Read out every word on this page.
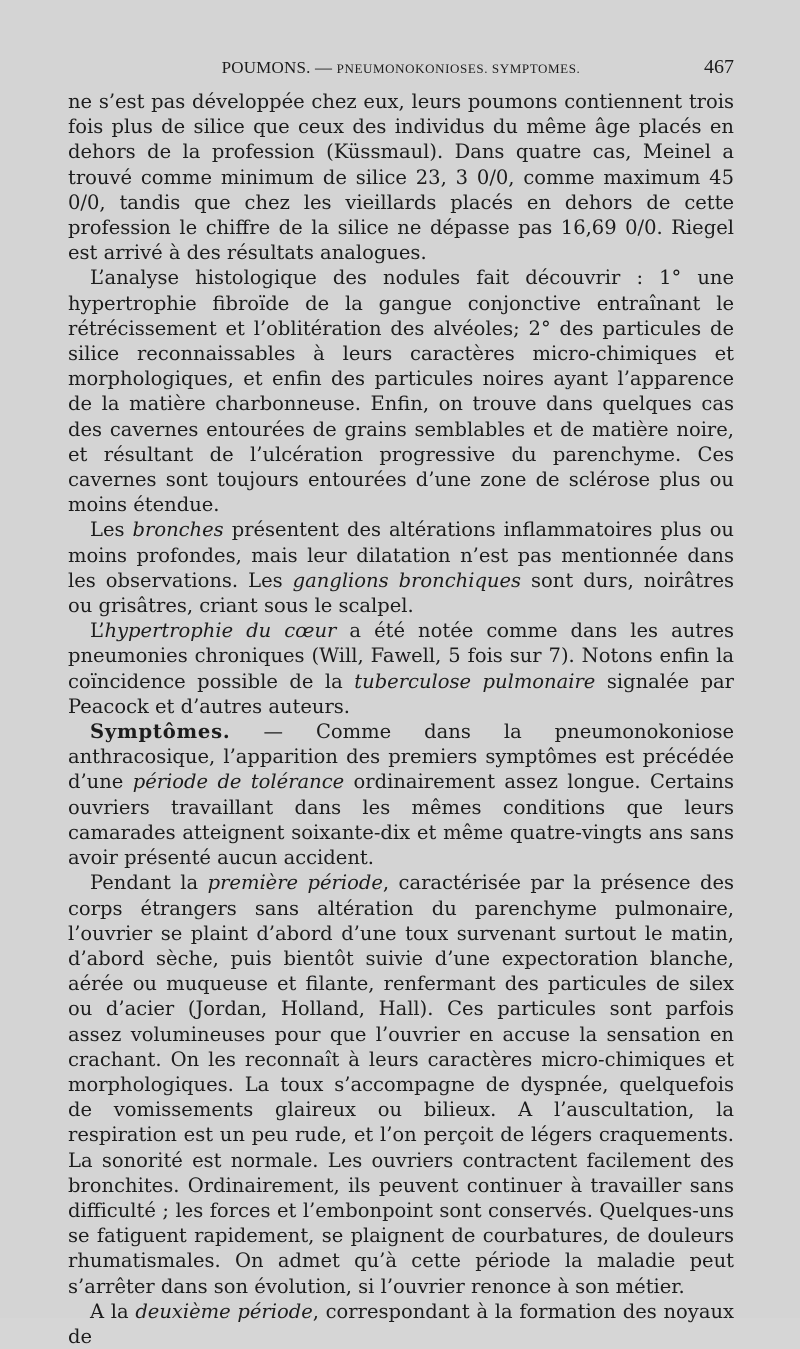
POUMONS. — PNEUMONOKONIOSES. SYMPTOMES.	467

ne s’est pas développée chez eux, leurs poumons contiennent trois fois plus de silice que ceux des individus du même âge placés en dehors de la profession (Küssmaul). Dans quatre cas, Meinel a trouvé comme minimum de silice 23, 3 0/0, comme maximum 45 0/0, tandis que chez les vieillards placés en dehors de cette profession le chiffre de la silice ne dépasse pas 16,69 0/0. Riegel est arrivé à des résultats analogues.

L’analyse histologique des nodules fait découvrir : 1° une hypertrophie fibroïde de la gangue conjonctive entraînant le rétrécissement et l’oblitération des alvéoles; 2° des particules de silice reconnaissables à leurs caractères micro-chimiques et morphologiques, et enfin des particules noires ayant l’apparence de la matière charbonneuse. Enfin, on trouve dans quelques cas des cavernes entourées de grains semblables et de matière noire, et résultant de l’ulcération progressive du parenchyme. Ces cavernes sont toujours entourées d’une zone de sclérose plus ou moins étendue.

Les bronches présentent des altérations inflammatoires plus ou moins profondes, mais leur dilatation n’est pas mentionnée dans les observations. Les ganglions bronchiques sont durs, noirâtres ou grisâtres, criant sous le scalpel.

L’hypertrophie du cœur a été notée comme dans les autres pneumonies chroniques (Will, Fawell, 5 fois sur 7). Notons enfin la coïncidence possible de la tuberculose pulmonaire signalée par Peacock et d’autres auteurs.

Symptômes. — Comme dans la pneumonokoniose anthracosique, l’apparition des premiers symptômes est précédée d’une période de tolérance ordinairement assez longue. Certains ouvriers travaillant dans les mêmes conditions que leurs camarades atteignent soixante-dix et même quatre-vingts ans sans avoir présenté aucun accident.

Pendant la première période, caractérisée par la présence des corps étrangers sans altération du parenchyme pulmonaire, l’ouvrier se plaint d’abord d’une toux survenant surtout le matin, d’abord sèche, puis bientôt suivie d’une expectoration blanche, aérée ou muqueuse et filante, renfermant des particules de silex ou d’acier (Jordan, Holland, Hall). Ces particules sont parfois assez volumineuses pour que l’ouvrier en accuse la sensation en crachant. On les reconnaît à leurs caractères micro-chimiques et morphologiques. La toux s’accompagne de dyspnée, quelquefois de vomissements glaireux ou bilieux. A l’auscultation, la respiration est un peu rude, et l’on perçoit de légers craquements. La sonorité est normale. Les ouvriers contractent facilement des bronchites. Ordinairement, ils peuvent continuer à travailler sans difficulté ; les forces et l’embonpoint sont conservés. Quelques-uns se fatiguent rapidement, se plaignent de courbatures, de douleurs rhumatismales. On admet qu’à cette période la maladie peut s’arrêter dans son évolution, si l’ouvrier renonce à son métier.

A la deuxième période, correspondant à la formation des noyaux de
